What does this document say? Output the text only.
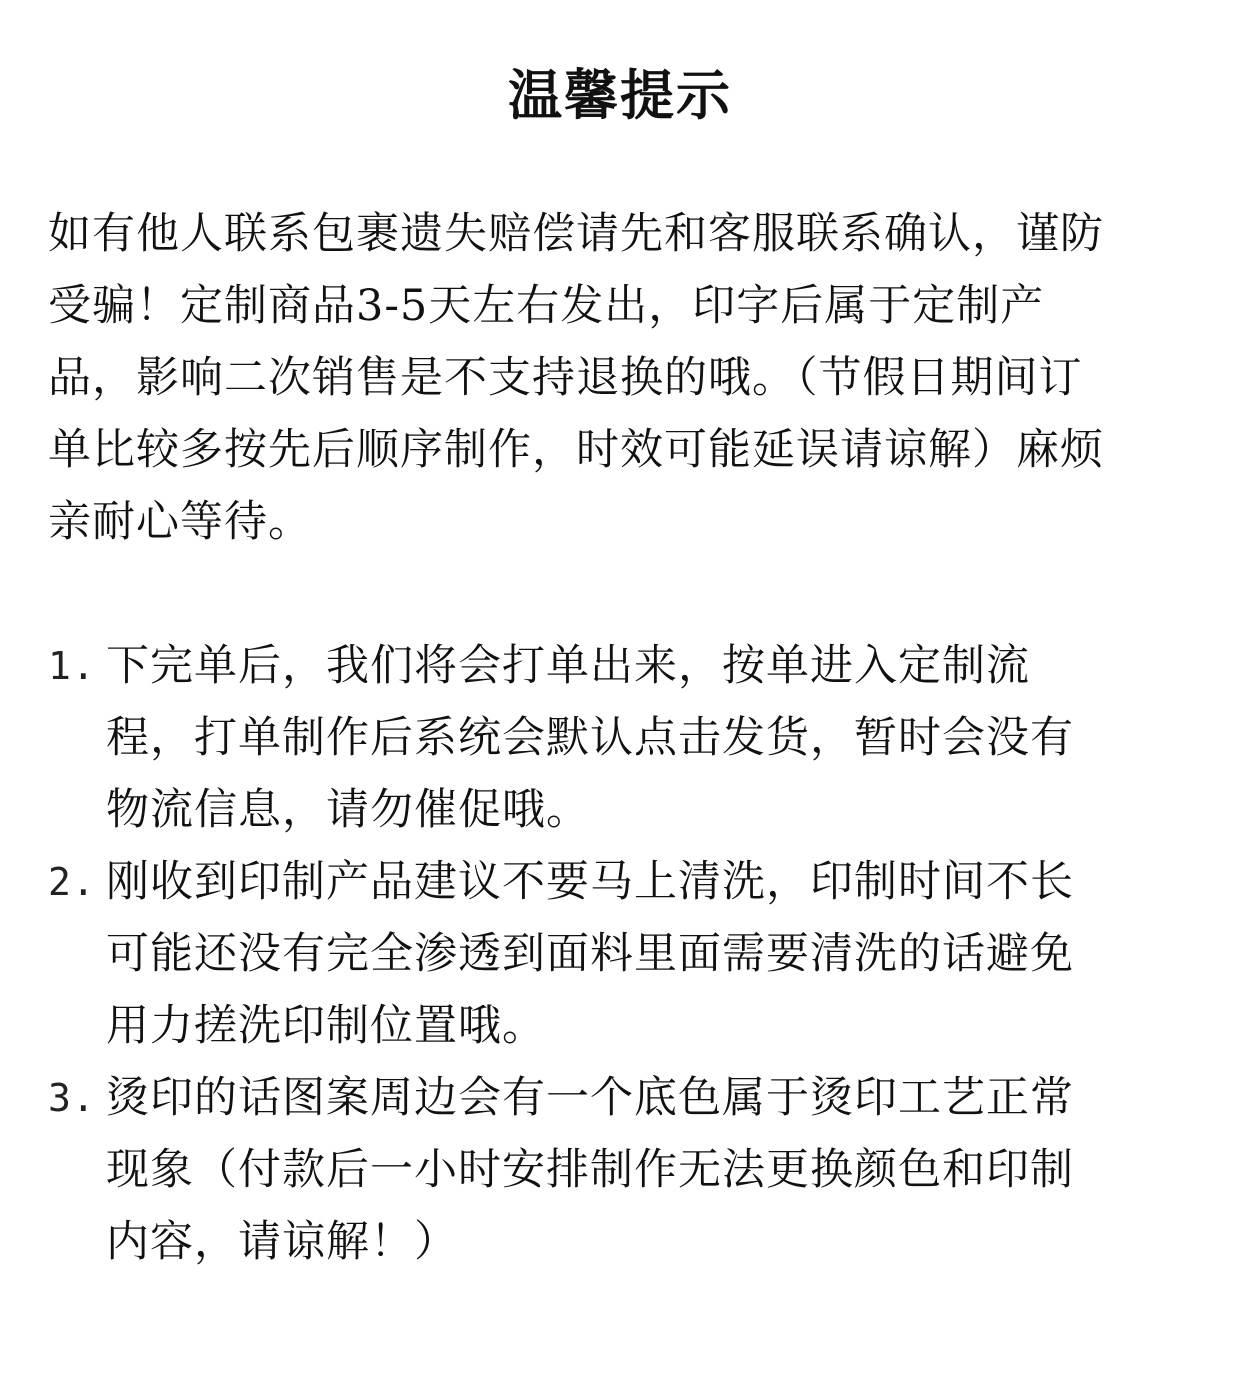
温馨提示
如有他人联系包裹遗失赔偿请先和客服联系确认，谨防
受骗！定制商品3-5天左右发出，印字后属于定制产
品，影响二次销售是不支持退换的哦。（节假日期间订
单比较多按先后顺序制作，时效可能延误请谅解）麻烦
亲耐心等待。
1. 下完单后，我们将会打单出来，按单进入定制流
程，打单制作后系统会默认点击发货，暂时会没有
物流信息，请勿催促哦。
2. 刚收到印制产品建议不要马上清洗，印制时间不长
可能还没有完全渗透到面料里面需要清洗的话避免
用力搓洗印制位置哦。
3. 烫印的话图案周边会有一个底色属于烫印工艺正常
现象（付款后一小时安排制作无法更换颜色和印制
内容，请谅解！）
